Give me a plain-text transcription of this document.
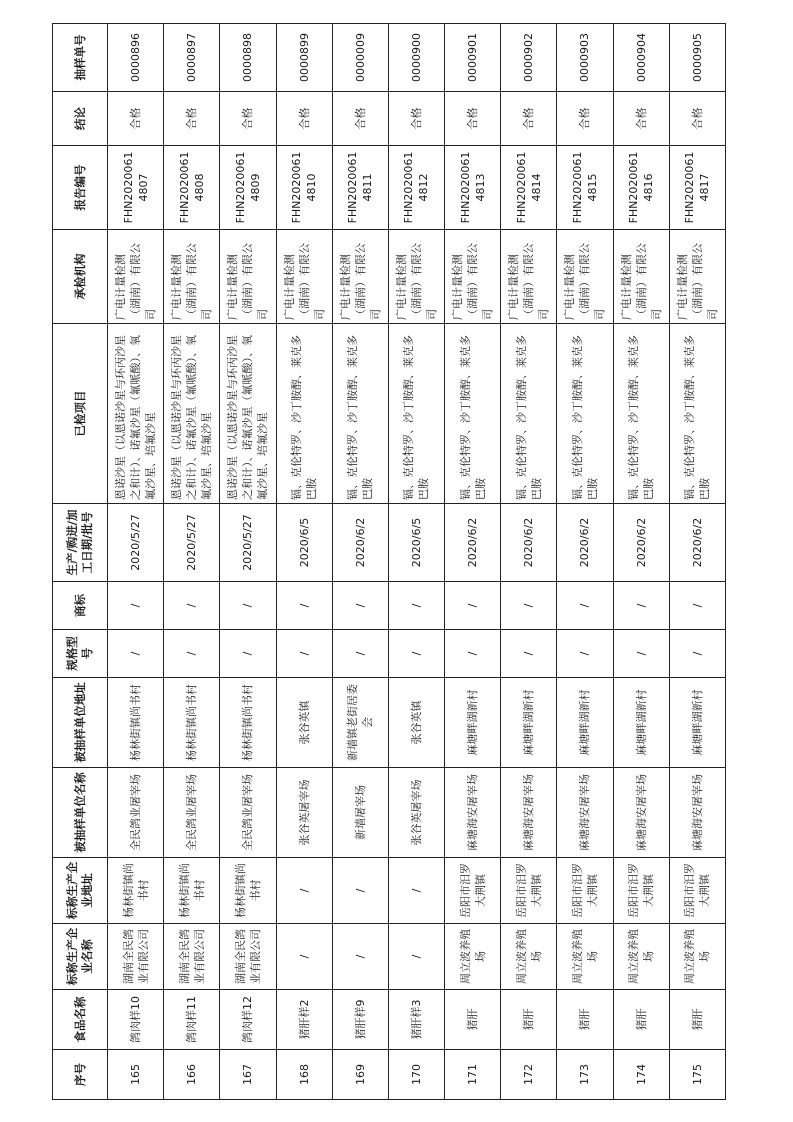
序号	食品名称	标称生产企业名称	标称生产企业地址	被抽样单位名称	被抽样单位地址	规格型号	商标	生产/购进/加工日期/批号	已检项目	承检机构	报告编号	结论	抽样单号
165	鸽肉样10	湖南全民鸽业有限公司	杨林街镇尚书村	全民鸽业屠宰场	杨林街镇尚书村	/	/	2020/5/27	恩诺沙星（以恩诺沙星与环丙沙星之和计）、诺氟沙星（氟哌酸）、氧氟沙星、培氟沙星	广电计量检测（湖南）有限公司	FHN20200614807	合格	0000896
166	鸽肉样11	湖南全民鸽业有限公司	杨林街镇尚书村	全民鸽业屠宰场	杨林街镇尚书村	/	/	2020/5/27	恩诺沙星（以恩诺沙星与环丙沙星之和计）、诺氟沙星（氟哌酸）、氧氟沙星、培氟沙星	广电计量检测（湖南）有限公司	FHN20200614808	合格	0000897
167	鸽肉样12	湖南全民鸽业有限公司	杨林街镇尚书村	全民鸽业屠宰场	杨林街镇尚书村	/	/	2020/5/27	恩诺沙星（以恩诺沙星与环丙沙星之和计）、诺氟沙星（氟哌酸）、氧氟沙星、培氟沙星	广电计量检测（湖南）有限公司	FHN20200614809	合格	0000898
168	猪肝样2	/	/	张谷英屠宰场	张谷英镇	/	/	2020/6/5	镉、克伦特罗、沙丁胺醇、莱克多巴胺	广电计量检测（湖南）有限公司	FHN20200614810	合格	0000899
169	猪肝样9	/	/	新墙屠宰场	新墙镇老街居委会	/	/	2020/6/2	镉、克伦特罗、沙丁胺醇、莱克多巴胺	广电计量检测（湖南）有限公司	FHN20200614811	合格	0000009
170	猪肝样3	/	/	张谷英屠宰场	张谷英镇	/	/	2020/6/5	镉、克伦特罗、沙丁胺醇、莱克多巴胺	广电计量检测（湖南）有限公司	FHN20200614812	合格	0000900
171	猪肝	周立波养殖场	岳阳市汨罗大荆镇	麻塘海安屠宰场	麻塘畔湖新村	/	/	2020/6/2	镉、克伦特罗、沙丁胺醇、莱克多巴胺	广电计量检测（湖南）有限公司	FHN20200614813	合格	0000901
172	猪肝	周立波养殖场	岳阳市汨罗大荆镇	麻塘海安屠宰场	麻塘畔湖新村	/	/	2020/6/2	镉、克伦特罗、沙丁胺醇、莱克多巴胺	广电计量检测（湖南）有限公司	FHN20200614814	合格	0000902
173	猪肝	周立波养殖场	岳阳市汨罗大荆镇	麻塘海安屠宰场	麻塘畔湖新村	/	/	2020/6/2	镉、克伦特罗、沙丁胺醇、莱克多巴胺	广电计量检测（湖南）有限公司	FHN20200614815	合格	0000903
174	猪肝	周立波养殖场	岳阳市汨罗大荆镇	麻塘海安屠宰场	麻塘畔湖新村	/	/	2020/6/2	镉、克伦特罗、沙丁胺醇、莱克多巴胺	广电计量检测（湖南）有限公司	FHN20200614816	合格	0000904
175	猪肝	周立波养殖场	岳阳市汨罗大荆镇	麻塘海安屠宰场	麻塘畔湖新村	/	/	2020/6/2	镉、克伦特罗、沙丁胺醇、莱克多巴胺	广电计量检测（湖南）有限公司	FHN20200614817	合格	0000905
